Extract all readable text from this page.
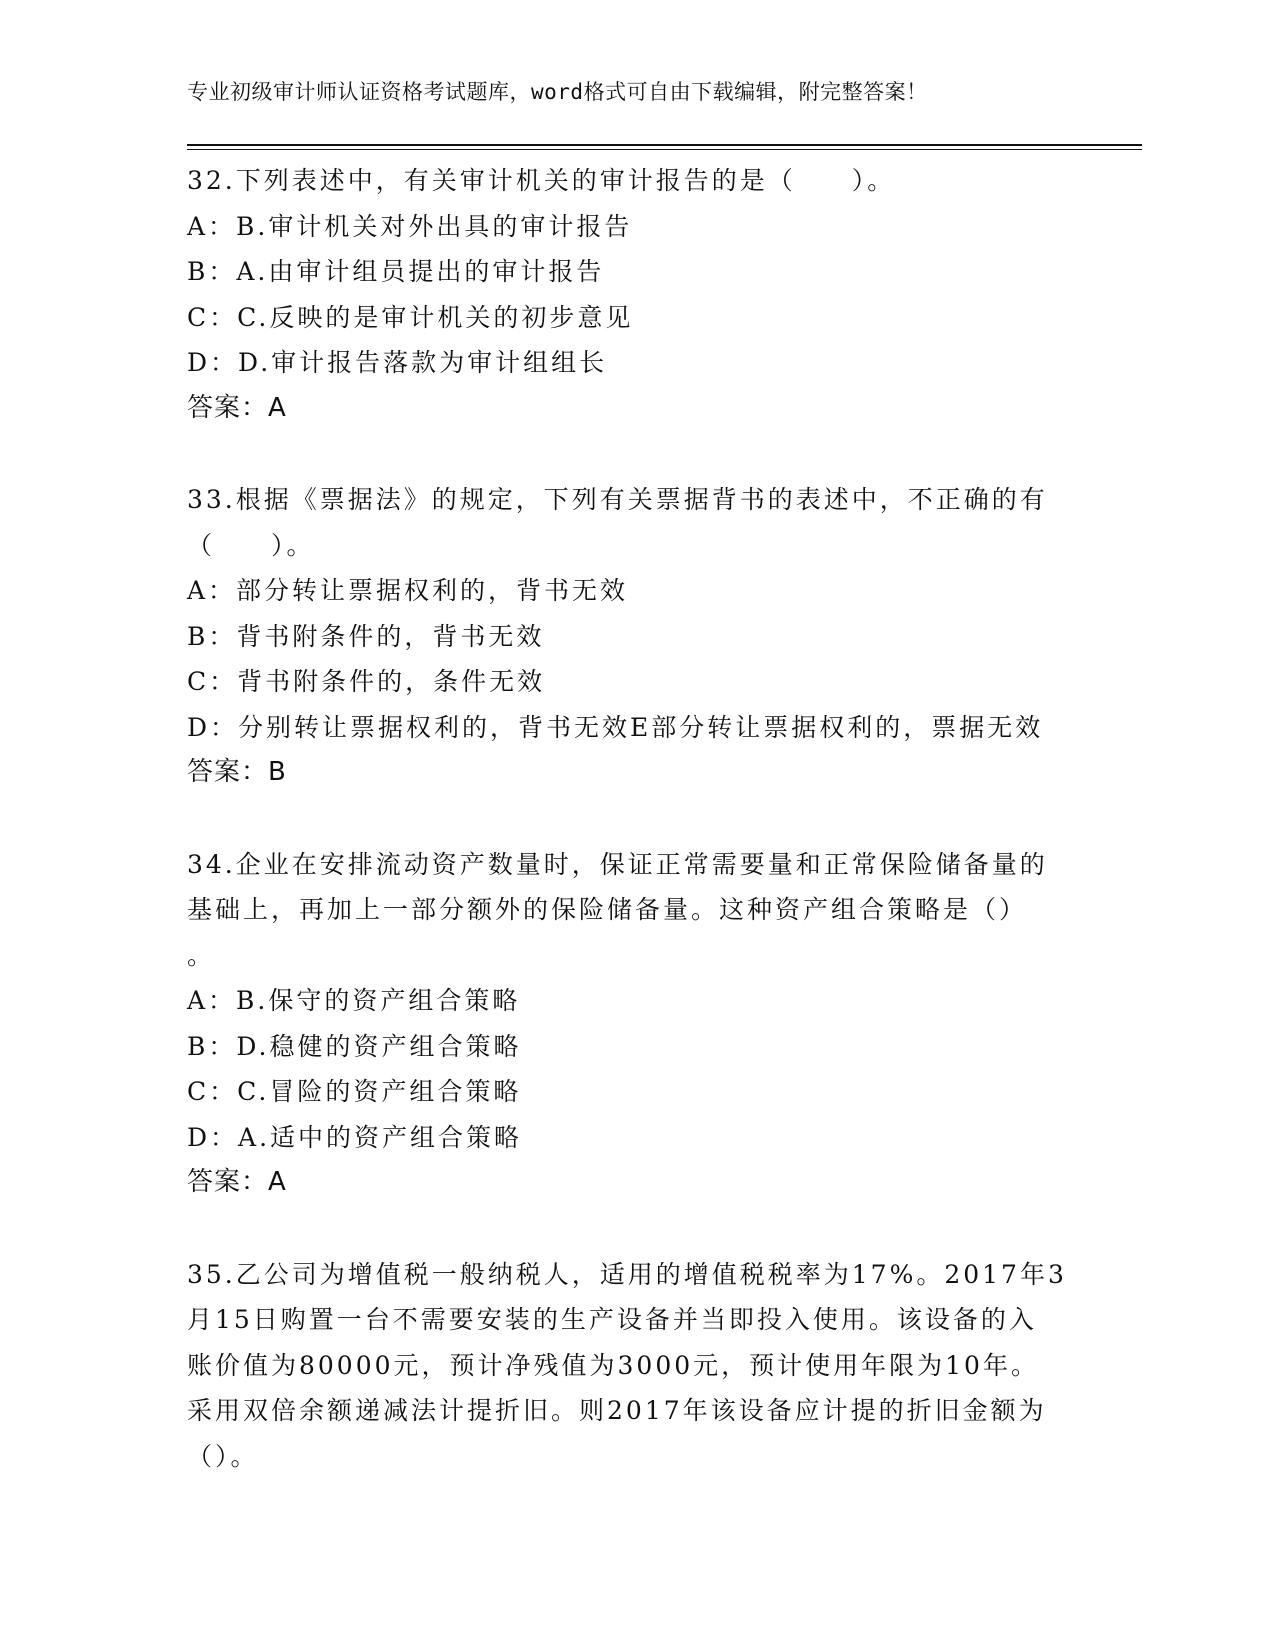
专业初级审计师认证资格考试题库，word格式可自由下载编辑，附完整答案！
32.下列表述中，有关审计机关的审计报告的是（　　）。
A：B.审计机关对外出具的审计报告
B：A.由审计组员提出的审计报告
C：C.反映的是审计机关的初步意见
D：D.审计报告落款为审计组组长
答案：A
33.根据《票据法》的规定，下列有关票据背书的表述中，不正确的有
（　　）。
A：部分转让票据权利的，背书无效
B：背书附条件的，背书无效
C：背书附条件的，条件无效
D：分别转让票据权利的，背书无效E部分转让票据权利的，票据无效
答案：B
34.企业在安排流动资产数量时，保证正常需要量和正常保险储备量的
基础上，再加上一部分额外的保险储备量。这种资产组合策略是（）
。
A：B.保守的资产组合策略
B：D.稳健的资产组合策略
C：C.冒险的资产组合策略
D：A.适中的资产组合策略
答案：A
35.乙公司为增值税一般纳税人，适用的增值税税率为17%。2017年3
月15日购置一台不需要安装的生产设备并当即投入使用。该设备的入
账价值为80000元，预计净残值为3000元，预计使用年限为10年。
采用双倍余额递减法计提折旧。则2017年该设备应计提的折旧金额为
（）。
